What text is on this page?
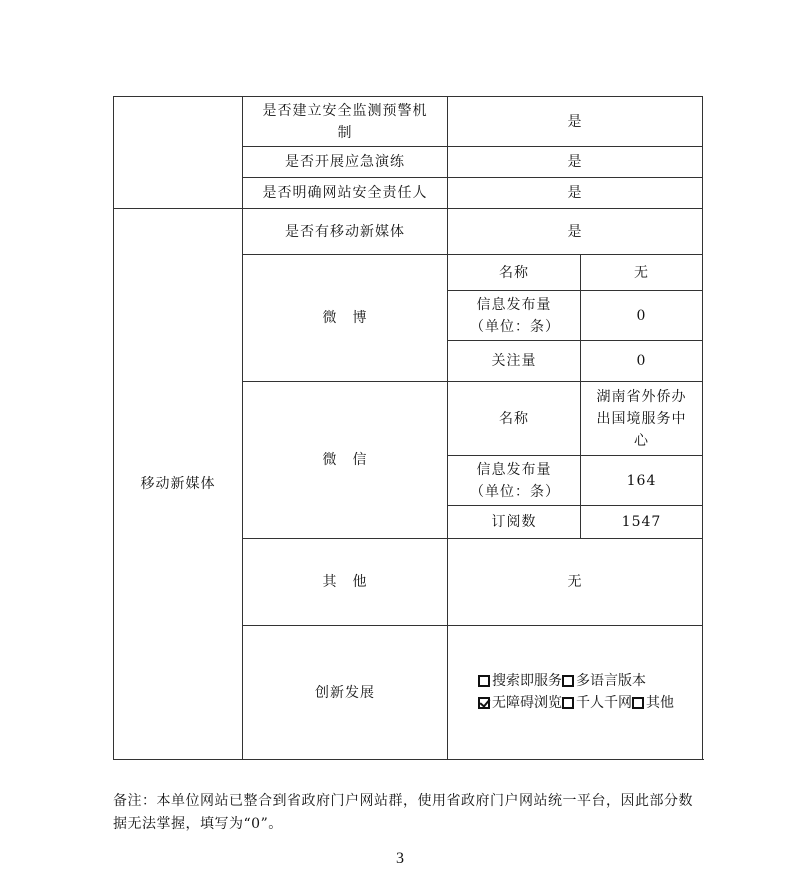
	是否建立安全监测预警机制	是	
	是否开展应急演练	是	
	是否明确网站安全责任人	是	
移动新媒体	是否有移动新媒体	是	
	微　博	名称	无
		信息发布量（单位：条）	0
		关注量	0
	微　信	名称	湖南省外侨办出国境服务中心
		信息发布量（单位：条）	164
		订阅数	1547
	其　他	无	
	创新发展	搜索即服务 多语言版本无障碍浏览 千人千网 其他	
备注：本单位网站已整合到省政府门户网站群，使用省政府门户网站统一平台，因此部分数据无法掌握，填写为“0”。
3
